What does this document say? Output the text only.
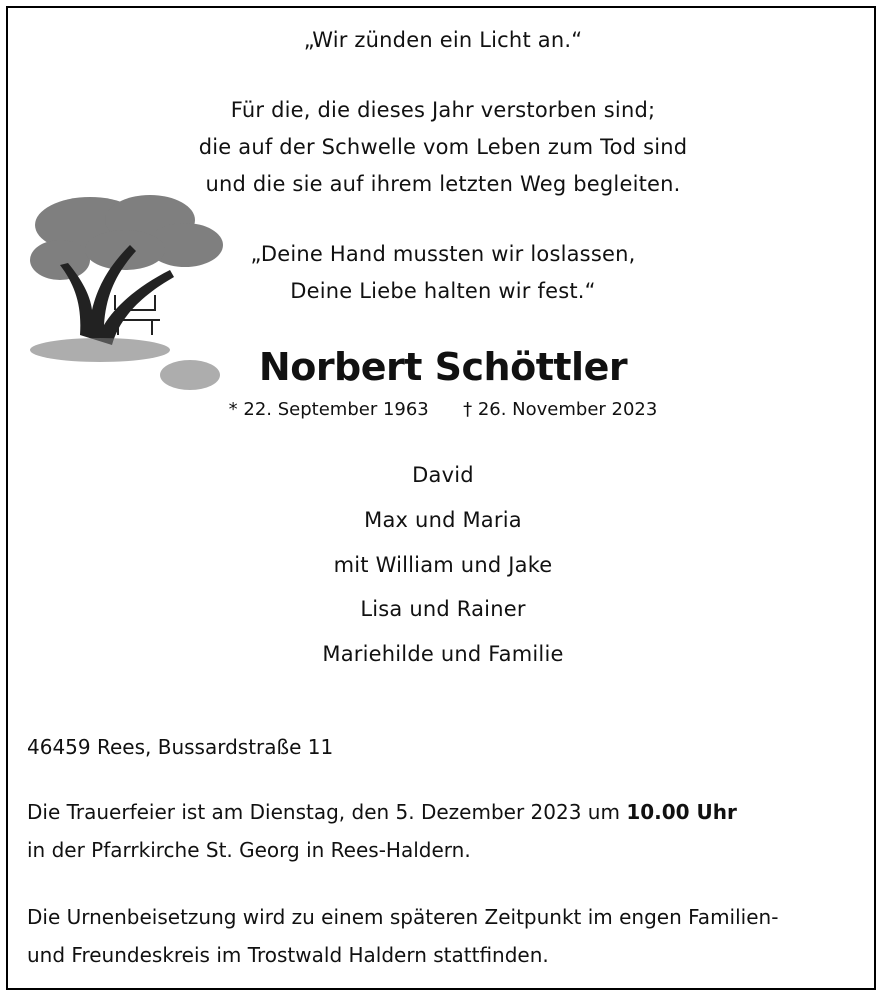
„Wir zünden ein Licht an.“
Für die, die dieses Jahr verstorben sind;
die auf der Schwelle vom Leben zum Tod sind
und die sie auf ihrem letzten Weg begleiten.
„Deine Hand mussten wir loslassen,
Deine Liebe halten wir fest.“
Norbert Schöttler
* 22. September 1963 † 26. November 2023
David
Max und Maria
mit William und Jake
Lisa und Rainer
Mariehilde und Familie
46459 Rees, Bussardstraße 11
Die Trauerfeier ist am Dienstag, den 5. Dezember 2023 um 10.00 Uhr
in der Pfarrkirche St. Georg in Rees-Haldern.
Die Urnenbeisetzung wird zu einem späteren Zeitpunkt im engen Familien-
und Freundeskreis im Trostwald Haldern stattfinden.
